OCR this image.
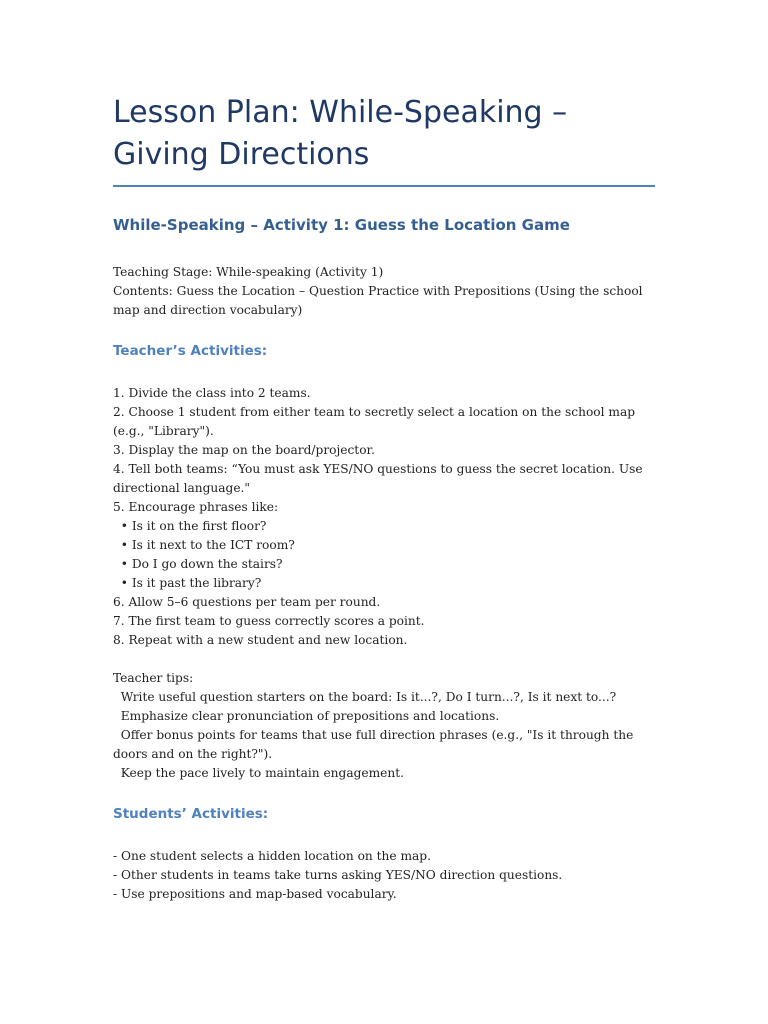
Lesson Plan: While-Speaking – Giving Directions
While-Speaking – Activity 1: Guess the Location Game
Teaching Stage: While-speaking (Activity 1)
Contents: Guess the Location – Question Practice with Prepositions (Using the school map and direction vocabulary)
Teacher’s Activities:
1. Divide the class into 2 teams.
2. Choose 1 student from either team to secretly select a location on the school map (e.g., "Library").
3. Display the map on the board/projector.
4. Tell both teams: “You must ask YES/NO questions to guess the secret location. Use directional language."
5. Encourage phrases like:
• Is it on the first floor?
• Is it next to the ICT room?
• Do I go down the stairs?
• Is it past the library?
6. Allow 5–6 questions per team per round.
7. The first team to guess correctly scores a point.
8. Repeat with a new student and new location.
Teacher tips:
Write useful question starters on the board: Is it...?, Do I turn...?, Is it next to...?
Emphasize clear pronunciation of prepositions and locations.
Offer bonus points for teams that use full direction phrases (e.g., "Is it through the doors and on the right?").
Keep the pace lively to maintain engagement.
Students’ Activities:
- One student selects a hidden location on the map.
- Other students in teams take turns asking YES/NO direction questions.
- Use prepositions and map-based vocabulary.
